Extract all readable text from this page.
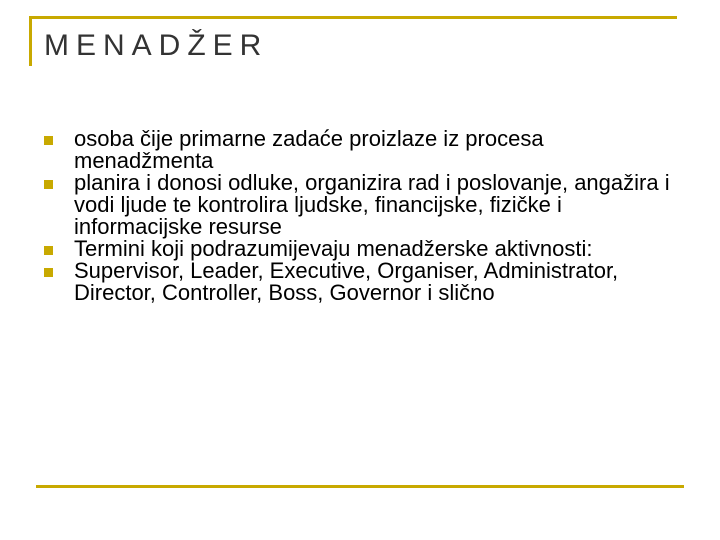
MENADŽER
osoba čije primarne zadaće proizlaze iz procesa menadžmenta
planira i donosi odluke, organizira rad i poslovanje, angažira i vodi ljude te kontrolira ljudske, financijske, fizičke i informacijske resurse
Termini koji podrazumijevaju menadžerske aktivnosti:
Supervisor, Leader, Executive, Organiser, Administrator, Director, Controller, Boss, Governor i slično
